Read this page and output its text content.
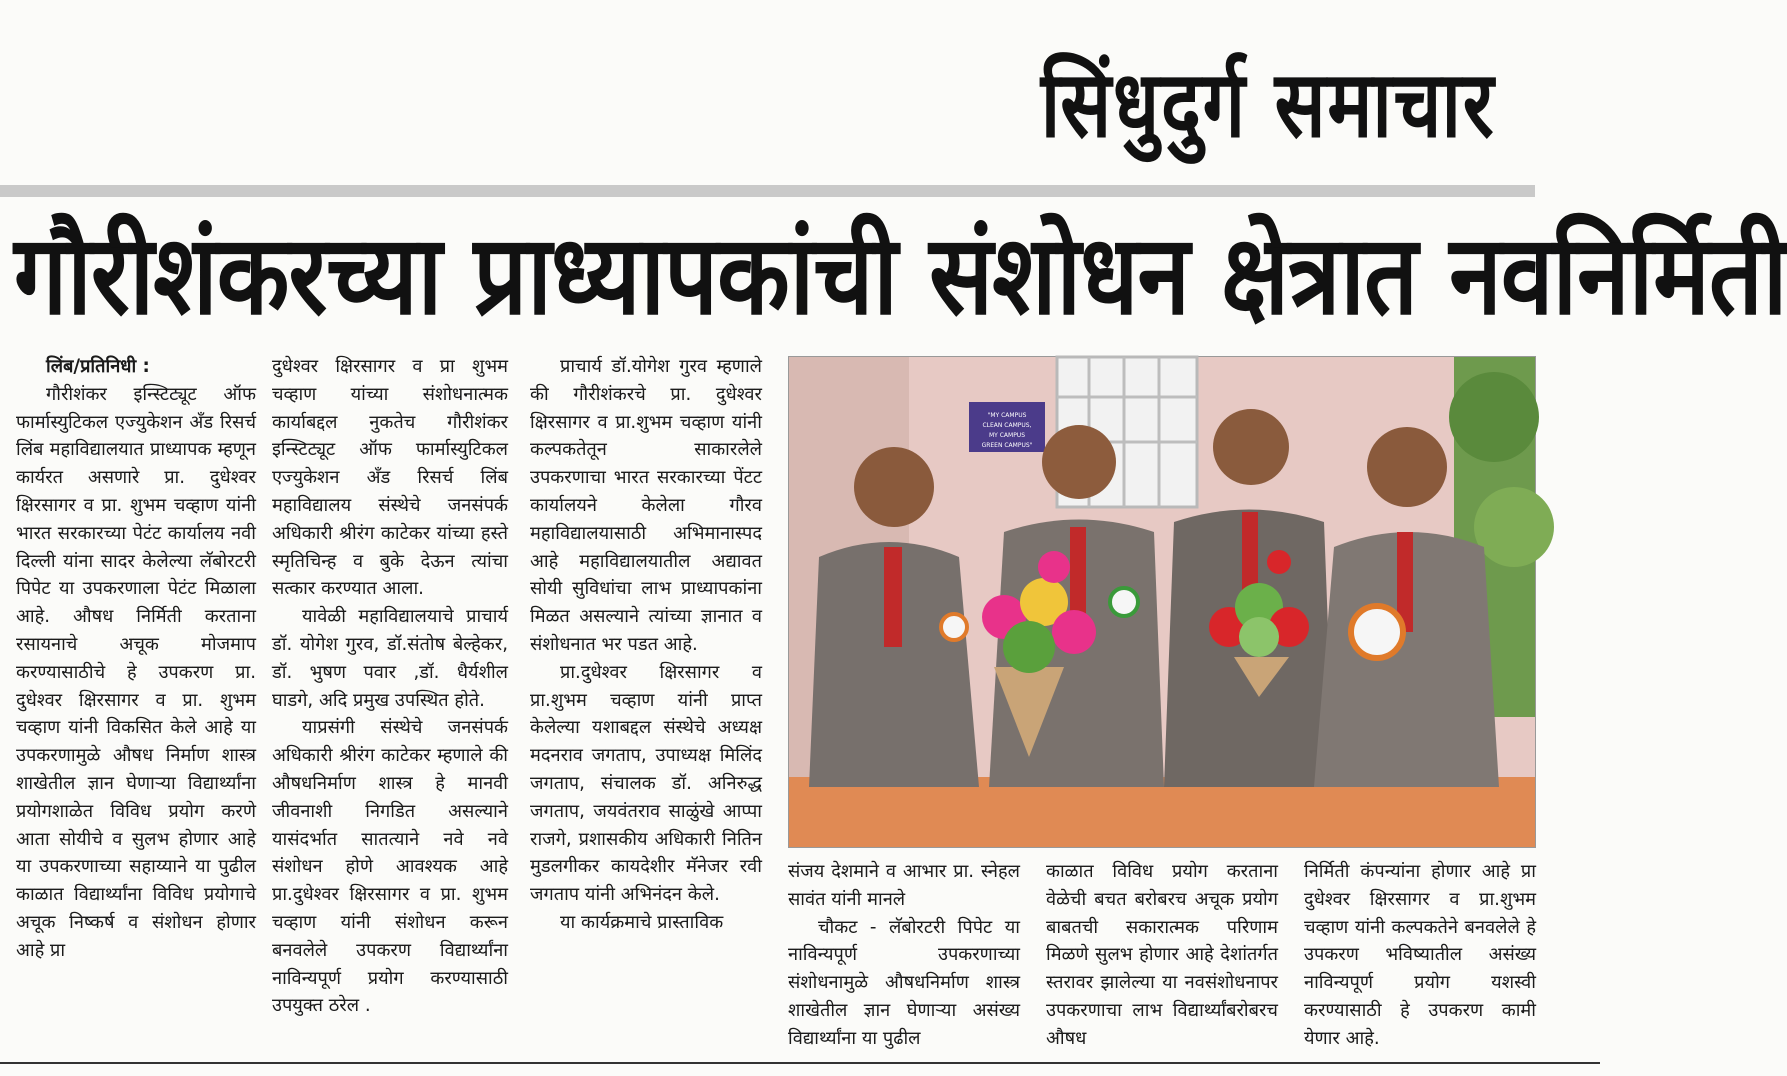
सिंधुदुर्ग समाचार
गौरीशंकरच्या प्राध्यापकांची संशोधन क्षेत्रात नवनिर्मिती

लिंब/प्रतिनिधी :

गौरीशंकर इन्स्टिट्यूट ऑफ फार्मास्युटिकल एज्युकेशन अँड रिसर्च लिंब महाविद्यालयात प्राध्यापक म्हणून कार्यरत असणारे प्रा. दुधेश्वर क्षिरसागर व प्रा. शुभम चव्हाण यांनी भारत सरकारच्या पेटंट कार्यालय नवी दिल्ली यांना सादर केलेल्या लॅबोरटरी पिपेट या उपकरणाला पेटंट मिळाला आहे. औषध निर्मिती करताना रसायनाचे अचूक मोजमाप करण्यासाठीचे हे उपकरण प्रा. दुधेश्वर क्षिरसागर व प्रा. शुभम चव्हाण यांनी विकसित केले आहे या उपकरणामुळे औषध निर्माण शास्त्र शाखेतील ज्ञान घेणाऱ्या विद्यार्थ्यांना प्रयोगशाळेत विविध प्रयोग करणे आता सोयीचे व सुलभ होणार आहे या उपकरणाच्या सहाय्याने या पुढील काळात विद्यार्थ्यांना विविध प्रयोगाचे अचूक निष्कर्ष व संशोधन होणार आहे प्रा

दुधेश्वर क्षिरसागर व प्रा शुभम चव्हाण यांच्या संशोधनात्मक कार्याबद्दल नुकतेच गौरीशंकर इन्स्टिट्यूट ऑफ फार्मास्युटिकल एज्युकेशन अँड रिसर्च लिंब महाविद्यालय संस्थेचे जनसंपर्क अधिकारी श्रीरंग काटेकर यांच्या हस्ते स्मृतिचिन्ह व बुके देऊन त्यांचा सत्कार करण्यात आला.

यावेळी महाविद्यालयाचे प्राचार्य डॉ. योगेश गुरव, डॉ.संतोष बेल्हेकर, डॉ. भुषण पवार ,डॉ. धैर्यशील घाडगे, अदि प्रमुख उपस्थित होते.

याप्रसंगी संस्थेचे जनसंपर्क अधिकारी श्रीरंग काटेकर म्हणाले की औषधनिर्माण शास्त्र हे मानवी जीवनाशी निगडित असल्याने यासंदर्भात सातत्याने नवे नवे संशोधन होणे आवश्यक आहे प्रा.दुधेश्वर क्षिरसागर व प्रा. शुभम चव्हाण यांनी संशोधन करून बनवलेले उपकरण विद्यार्थ्यांना नाविन्यपूर्ण प्रयोग करण्यासाठी उपयुक्त ठरेल .

प्राचार्य डॉ.योगेश गुरव म्हणाले की गौरीशंकरचे प्रा. दुधेश्वर क्षिरसागर व प्रा.शुभम चव्हाण यांनी कल्पकतेतून साकारलेले उपकरणाचा भारत सरकारच्या पेंटट कार्यालयने केलेला गौरव महाविद्यालयासाठी अभिमानास्पद आहे महाविद्यालयातील अद्यावत सोयी सुविधांचा लाभ प्राध्यापकांना मिळत असल्याने त्यांच्या ज्ञानात व संशोधनात भर पडत आहे.

प्रा.दुधेश्वर क्षिरसागर व प्रा.शुभम चव्हाण यांनी प्राप्त केलेल्या यशाबद्दल संस्थेचे अध्यक्ष मदनराव जगताप, उपाध्यक्ष मिलिंद जगताप, संचालक डॉ. अनिरुद्ध जगताप, जयवंतराव साळुंखे आप्पा राजगे, प्रशासकीय अधिकारी नितिन मुडलगीकर कायदेशीर मॅनेजर रवी जगताप यांनी अभिनंदन केले.

या कार्यक्रमाचे प्रास्ताविक

"MY CAMPUS
CLEAN CAMPUS,
MY CAMPUS
GREEN CAMPUS"

संजय देशमाने व आभार प्रा. स्नेहल सावंत यांनी मानले

चौकट - लॅबोरटरी पिपेट या नाविन्यपूर्ण उपकरणाच्या संशोधनामुळे औषधनिर्माण शास्त्र शाखेतील ज्ञान घेणाऱ्या असंख्य विद्यार्थ्यांना या पुढील

काळात विविध प्रयोग करताना वेळेची बचत बरोबरच अचूक प्रयोग बाबतची सकारात्मक परिणाम मिळणे सुलभ होणार आहे देशांतर्गत स्तरावर झालेल्या या नवसंशोधनापर उपकरणाचा लाभ विद्यार्थ्यांबरोबरच औषध

निर्मिती कंपन्यांना होणार आहे प्रा दुधेश्वर क्षिरसागर व प्रा.शुभम चव्हाण यांनी कल्पकतेने बनवलेले हे उपकरण भविष्यातील असंख्य नाविन्यपूर्ण प्रयोग यशस्वी करण्यासाठी हे उपकरण कामी येणार आहे.
